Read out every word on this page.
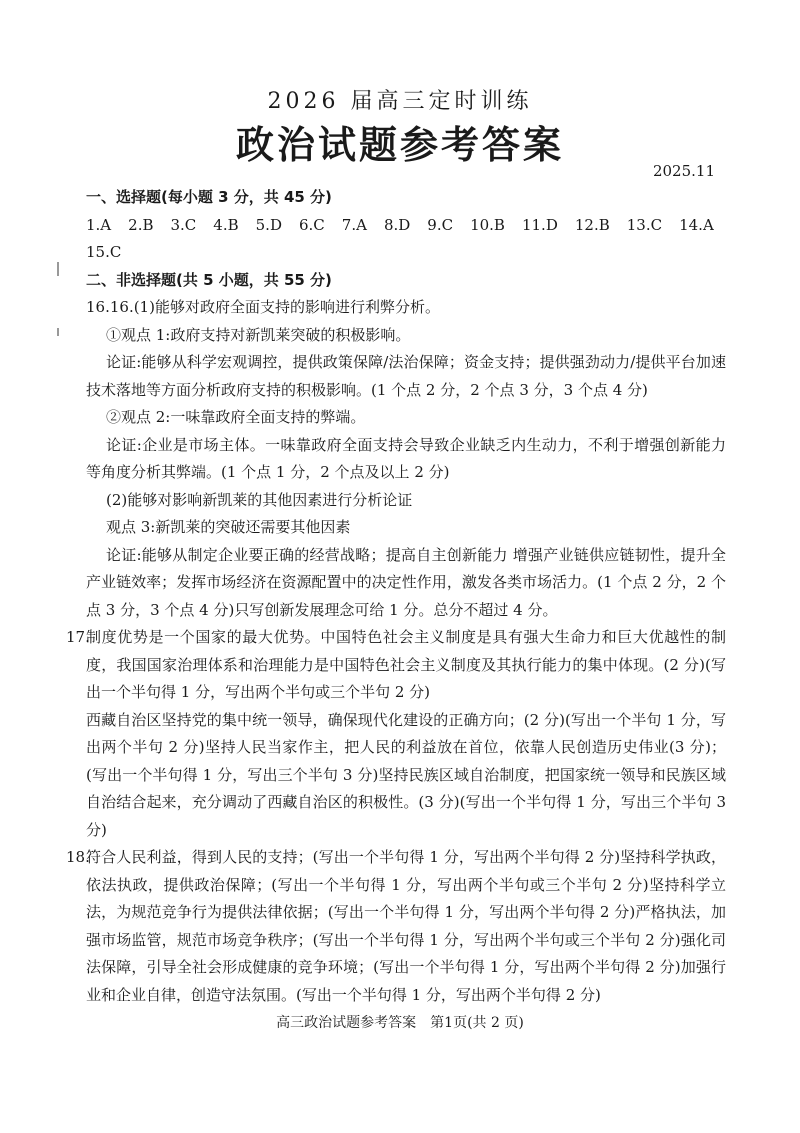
2026 届高三定时训练
政治试题参考答案
2025.11
一、选择题(每小题 3 分，共 45 分)
1.A 2.B 3.C 4.B 5.D 6.C 7.A 8.D 9.C 10.B 11.D 12.B 13.C 14.A
15.C
二、非选择题(共 5 小题，共 55 分)
16.16.(1)能够对政府全面支持的影响进行利弊分析。
①观点 1:政府支持对新凯莱突破的积极影响。
论证:能够从科学宏观调控，提供政策保障/法治保障；资金支持；提供强劲动力/提供平台加速技术落地等方面分析政府支持的积极影响。(1 个点 2 分，2 个点 3 分，3 个点 4 分)
②观点 2:一味靠政府全面支持的弊端。
论证:企业是市场主体。一味靠政府全面支持会导致企业缺乏内生动力，不利于增强创新能力等角度分析其弊端。(1 个点 1 分，2 个点及以上 2 分)
(2)能够对影响新凯莱的其他因素进行分析论证
观点 3:新凯莱的突破还需要其他因素
论证:能够从制定企业要正确的经营战略；提高自主创新能力 增强产业链供应链韧性，提升全产业链效率；发挥市场经济在资源配置中的决定性作用，激发各类市场活力。(1 个点 2 分，2 个点 3 分，3 个点 4 分)只写创新发展理念可给 1 分。总分不超过 4 分。
17.
制度优势是一个国家的最大优势。中国特色社会主义制度是具有强大生命力和巨大优越性的制度，我国国家治理体系和治理能力是中国特色社会主义制度及其执行能力的集中体现。(2 分)(写出一个半句得 1 分，写出两个半句或三个半句 2 分)
西藏自治区坚持党的集中统一领导，确保现代化建设的正确方向；(2 分)(写出一个半句 1 分，写出两个半句 2 分)坚持人民当家作主，把人民的利益放在首位，依靠人民创造历史伟业(3 分)；(写出一个半句得 1 分，写出三个半句 3 分)坚持民族区域自治制度，把国家统一领导和民族区域自治结合起来，充分调动了西藏自治区的积极性。(3 分)(写出一个半句得 1 分，写出三个半句 3 分)
18.
符合人民利益，得到人民的支持；(写出一个半句得 1 分，写出两个半句得 2 分)坚持科学执政，依法执政，提供政治保障；(写出一个半句得 1 分，写出两个半句或三个半句 2 分)坚持科学立法，为规范竞争行为提供法律依据；(写出一个半句得 1 分，写出两个半句得 2 分)严格执法，加强市场监管，规范市场竞争秩序；(写出一个半句得 1 分，写出两个半句或三个半句 2 分)强化司法保障，引导全社会形成健康的竞争环境；(写出一个半句得 1 分，写出两个半句得 2 分)加强行业和企业自律，创造守法氛围。(写出一个半句得 1 分，写出两个半句得 2 分)
高三政治试题参考答案　第1页(共 2 页)
